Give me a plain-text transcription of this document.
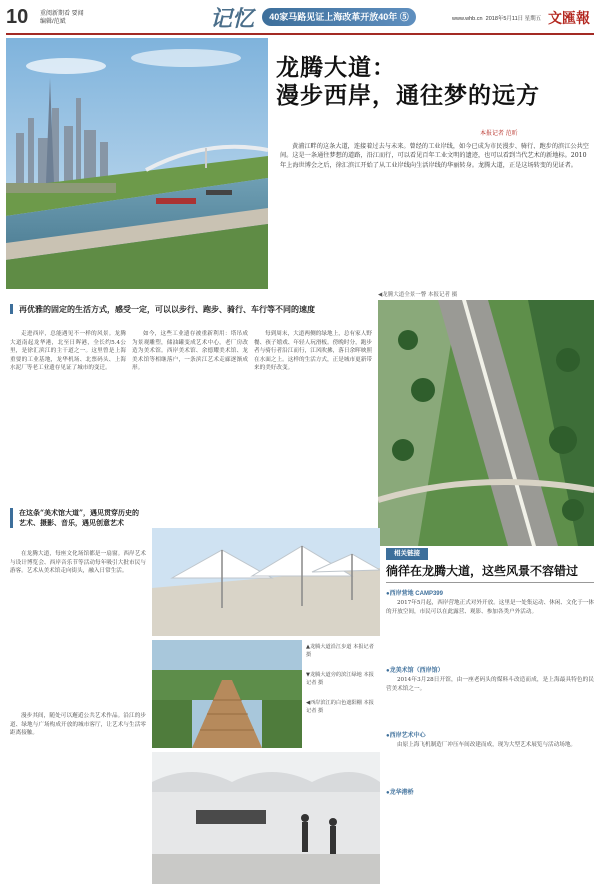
10 重阅新期看 要闻
编辑/范斌	记忆	40家马路见证上海改革开放40年 ⑤	www.whb.cn 2018年5月11日 星期五 文匯報
龙腾大道：
漫步西岸，通往梦的远方
本报记者 范昕
黄浦江畔的这条大道，连接着过去与未来。曾经的工业岸线，如今已成为市民漫步、骑行、跑步的滨江公共空间。这是一条通往梦想的道路，沿江而行，可以看见百年工业文明的遗迹，也可以看到当代艺术的新地标。2010年上海世博会之后，徐汇滨江开始了从工业岸线向生活岸线的华丽转身。龙腾大道，正是这场转变的见证者。
◀龙腾大道全景一瞥 本报记者 摄
再优雅的固定的生活方式，感受一定，可以以步行、跑步、骑行、车行等不同的速度

走进西岸，总能遇见不一样的风景。龙腾大道南起龙华港，北至日晖港，全长约5.4公里，是徐汇滨江的主干道之一。这里曾是上海重要的工业基地，龙华机场、北票码头、上海水泥厂等老工业遗存见证了城市的变迁。

如今，这些工业遗存被重新利用：塔吊成为景观雕塑，储油罐变成艺术中心，老厂房改造为美术馆。西岸美术馆、余德耀美术馆、龙美术馆等相继落户，一条滨江艺术走廊逐渐成形。

每到周末，大道两侧的绿地上，总有家人野餐、孩子嬉戏、年轻人玩滑板。傍晚时分，跑步者与骑行者沿江而行，江风吹拂，落日余晖映照在水面之上。这样的生活方式，正是城市更新带来的美好改变。

在这条“美术馆大道”，遇见贯穿历史的艺术、摄影、音乐，遇见创意艺术

在龙腾大道，每座文化场馆都是一扇窗。西岸艺术与设计博览会、西岸音乐节等活动每年吸引大批市民与游客。艺术从美术馆走向街头，融入日常生活。

漫步其间，随处可以邂逅公共艺术作品。沿江的步道、绿地与广场构成开放的城市客厅，让艺术与生活零距离接触。

▲龙腾大道沿江步道 本报记者 摄
▼龙腾大道旁的滨江绿地 本报记者 摄
◀西岸滨江的白色遮阳棚 本报记者 摄
相关链接
徜徉在龙腾大道，这些风景不容错过
●西岸营地 CAMP399

2017年5月起，西岸营地正式对外开放。这里是一处集运动、休闲、文化于一体的开放空间，市民可以在此露营、观影、参加各类户外活动。

●龙美术馆（西岸馆）

2014年3月28日开馆，由一座老码头的煤料斗改造而成，是上海最具特色的民营美术馆之一。

●西岸艺术中心

由原上海飞机制造厂冲压车间改建而成，现为大型艺术展览与活动场地。

●龙华港桥
